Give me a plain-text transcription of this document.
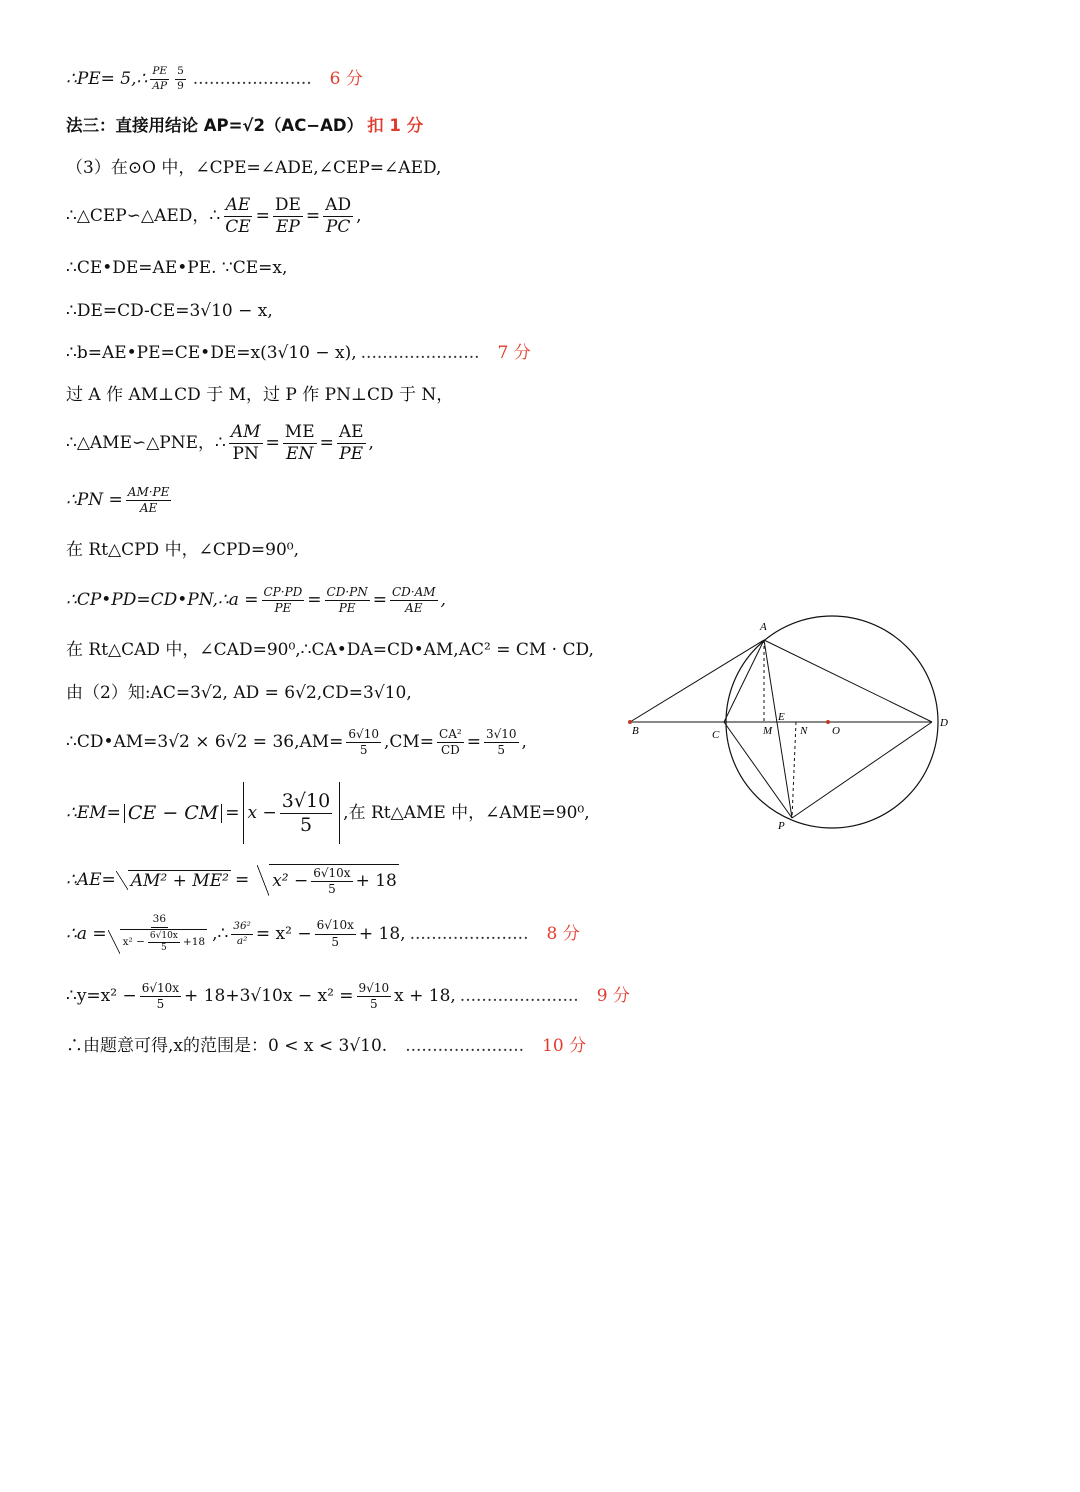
∴PE= 5,∴ $\frac{PE}{AP} \frac{5}{9}$ ...................... 6 分
法三：直接用结论 AP=√2（AC−AD） 扣 1 分
（3）在⊙O 中，∠CPE=∠ADE,∠CEP=∠AED,
∴△CEP∽△AED，∴ $\frac{AE}{CE} = \frac{DE}{EP} = \frac{AD}{PC}$ ,
∴CE•DE=AE•PE. ∵CE=x,
∴DE=CD-CE=3√10 − x,
∴b=AE•PE=CE•DE=x(3√10 − x), ...................... 7 分
过 A 作 AM⊥CD 于 M，过 P 作 PN⊥CD 于 N，
∴△AME∽△PNE，∴ $\frac{AM}{PN} = \frac{ME}{EN} = \frac{AE}{PE}$ ,
∴PN = $\frac{AM\cdot PE}{AE}$
在 Rt△CPD 中，∠CPD=90⁰,
∴CP•PD=CD•PN,∴a = $\frac{CP\cdot PD}{PE} = \frac{CD\cdot PN}{PE} = \frac{CD\cdot AM}{AE}$ ,
在 Rt△CAD 中，∠CAD=90⁰,∴CA•DA=CD•AM,AC² = CM · CD,
由（2）知:AC=3√2, AD = 6√2,CD=3√10,
∴CD•AM=3√2 × $6√2 = 36,AM= \frac{6√10}{5} ,CM= \frac{\text{CA²}}{CD} = \frac{3√10}{5}$ ,
∴EM= CE − CM = $x - \frac{3√10}{5}$ ,在 Rt△AME 中，∠AME=90⁰,
∴AE= $AM^2 + ME^2 = x^2 - \frac{6√10x}{5} + 18$
∴a = $\frac{36}{x^2 - \frac{6√10x}{5} +18}$ ,∴ $\frac{\text{36²}}{\text{a²}} = x^2 - \frac{6√10x}{5} + 18$, ...................... 8 分
∴y=x² − $\frac{6√10x}{5} + 18+3√10x - x^2 = \frac{9√10}{5}$ x + 18, ...................... 9 分
∴由题意可得,x的范围是：0 < x < 3√10. ...................... 10 分
A
B	C	M
E
N O
D
P
